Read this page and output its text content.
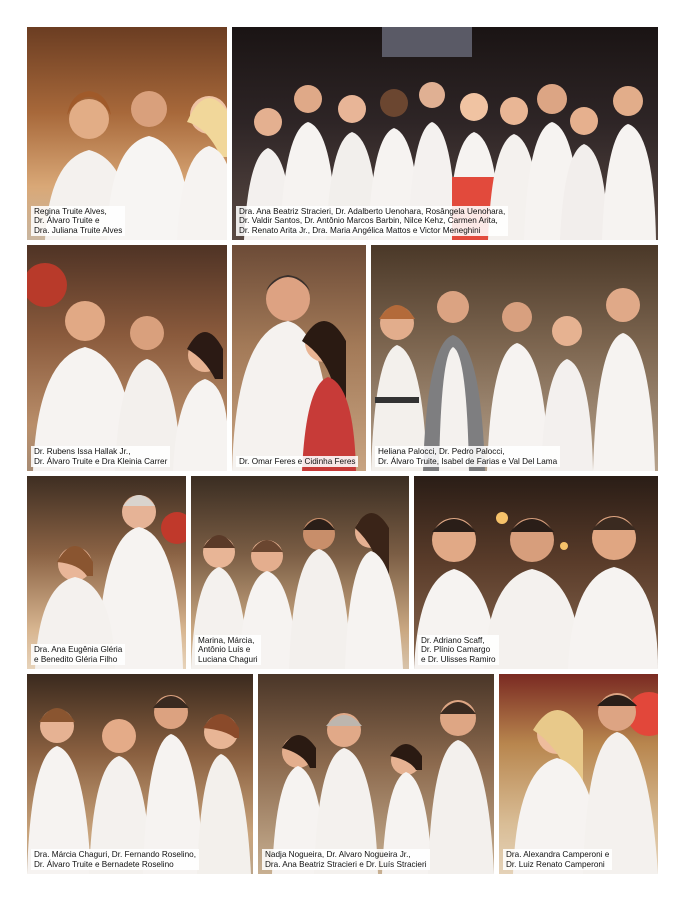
Regina Truite Alves,
Dr. Álvaro Truite e
Dra. Juliana Truite Alves
Dra. Ana Beatriz Stracieri, Dr. Adalberto Uenohara, Rosângela Uenohara,
Dr. Valdir Santos, Dr. Antônio Marcos Barbin, Nilce Kehz, Carmen Arita,
Dr. Renato Arita Jr., Dra. Maria Angélica Mattos e Victor Meneghini
Dr. Rubens Issa Hallak Jr.,
Dr. Álvaro Truite e Dra Kleinia Carrer	Dr. Omar Feres e Cidinha Feres
Heliana Palocci, Dr. Pedro Palocci,
Dr. Álvaro Truite, Isabel de Farias e Val Del Lama
Dra. Ana Eugênia Gléria
e Benedito Gléria Filho
Marina, Márcia,
Antônio Luís e
Luciana Chaguri
Dr. Adriano Scaff,
Dr. Plínio Camargo
e Dr. Ulisses Ramiro
Dra. Márcia Chaguri, Dr. Fernando Roselino,
Dr. Álvaro Truite e Bernadete Roselino
Nadja Nogueira, Dr. Alvaro Nogueira Jr.,
Dra. Ana Beatriz Stracieri e Dr. Luís Stracieri
Dra. Alexandra Camperoni e
Dr. Luiz Renato Camperoni
